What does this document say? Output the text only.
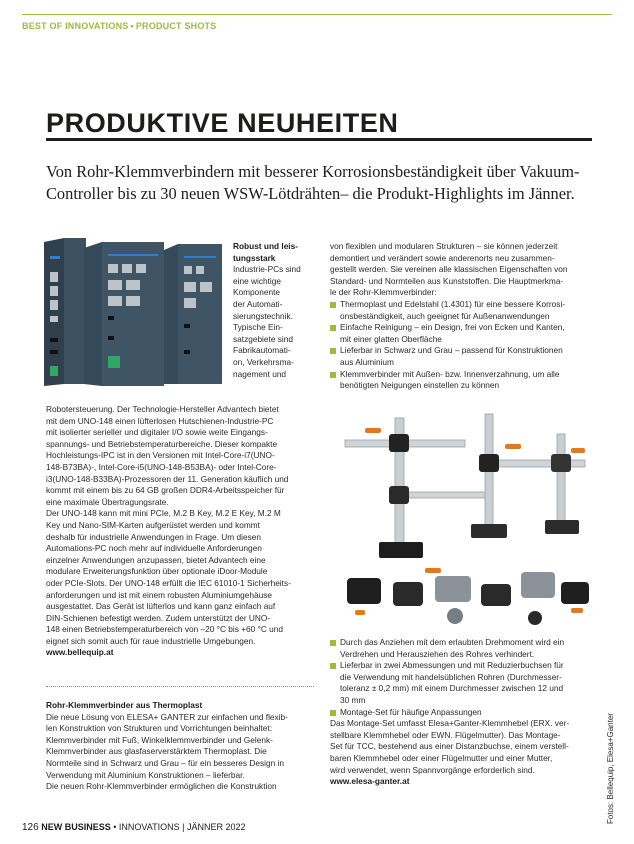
BEST OF INNOVATIONS • PRODUCT SHOTS
PRODUKTIVE NEUHEITEN
Von Rohr-Klemmverbindern mit besserer Korrosionsbeständigkeit über Vakuum-
Controller bis zu 30 neuen WSW-Lötdrähten– die Produkt-Highlights im Jänner.
Robust und leis-
tungsstark
Industrie-PCs sind
eine wichtige
Komponente
der Automati-
sierungstechnik.
Typische Ein-
satzgebiete sind
Fabrikautomati-
on, Verkehrsma-
nagement und
Robotersteuerung. Der Technologie-Hersteller Advantech bietet
mit dem UNO-148 einen lüfterlosen Hutschienen-Industrie-PC
mit isolierter serieller und digitaler I/O sowie weite Eingangs-
spannungs- und Betriebstemperaturbereiche. Dieser kompakte
Hochleistungs-IPC ist in den Versionen mit Intel-Core-i7(UNO-
148-B73BA)-, Intel-Core-i5(UNO-148-B53BA)- oder Intel-Core-
i3(UNO-148-B33BA)-Prozessoren der 11. Generation käuflich und
kommt mit einem bis zu 64 GB großen DDR4-Arbeitsspeicher für
eine maximale Übertragungsrate.
Der UNO-148 kann mit mini PCIe, M.2 B Key, M.2 E Key, M.2 M
Key und Nano-SIM-Karten aufgerüstet werden und kommt
deshalb für industrielle Anwendungen in Frage. Um diesen
Automations-PC noch mehr auf individuelle Anforderungen
einzelner Anwendungen anzupassen, bietet Advantech eine
modulare Erweiterungsfunktion über optionale iDoor-Module
oder PCIe-Slots. Der UNO-148 erfüllt die IEC 61010-1 Sicherheits-
anforderungen und ist mit einem robusten Aluminiumgehäuse
ausgestattet. Das Gerät ist lüfterlos und kann ganz einfach auf
DIN-Schienen befestigt werden. Zudem unterstützt der UNO-
148 einen Betriebstemperaturbereich von –20 °C bis +60 °C und
eignet sich somit auch für raue industrielle Umgebungen.
www.bellequip.at
Rohr-Klemmverbinder aus Thermoplast
Die neue Lösung von ELESA+ GANTER zur einfachen und flexib-
len Konstruktion von Strukturen und Vorrichtungen beinhaltet:
Klemmverbinder mit Fuß, Winkelklemmverbinder und Gelenk-
Klemmverbinder aus glasfaserverstärktem Thermoplast. Die
Normteile sind in Schwarz und Grau – für ein besseres Design in
Verwendung mit Aluminium Konstruktionen – lieferbar.
Die neuen Rohr-Klemmverbinder ermöglichen die Konstruktion
von flexiblen und modularen Strukturen – sie können jederzeit
demontiert und verändert sowie anderenorts neu zusammen-
gestellt werden. Sie vereinen alle klassischen Eigenschaften von
Standard- und Normteilen aus Kunststoffen. Die Hauptmerkma-
le der Rohr-Klemmverbinder:
Thermoplast und Edelstahl (1.4301) für eine bessere Korrosi-
onsbeständigkeit, auch geeignet für Außenanwendungen
Einfache Reinigung – ein Design, frei von Ecken und Kanten,
mit einer glatten Oberfläche
Lieferbar in Schwarz und Grau – passend für Konstruktionen
aus Aluminium
Klemmverbinder mit Außen- bzw. Innenverzahnung, um alle
benötigten Neigungen einstellen zu können
Durch das Anziehen mit dem erlaubten Drehmoment wird ein
Verdrehen und Herausziehen des Rohres verhindert.
Lieferbar in zwei Abmessungen und mit Reduzierbuchsen für
die Verwendung mit handelsüblichen Rohren (Durchmesser-
toleranz ± 0,2 mm) mit einem Durchmesser zwischen 12 und
30 mm
Montage-Set für häufige Anpassungen
Das Montage-Set umfasst Elesa+Ganter-Klemmhebel (ERX. ver-
stellbare Klemmhebel oder EWN. Flügelmutter). Das Montage-
Set für TCC, bestehend aus einer Distanzbuchse, einem verstell-
baren Klemmhebel oder einer Flügelmutter und einer Mutter,
wird verwendet, wenn Spannvorgänge erforderlich sind.
www.elesa-ganter.at	Fotos: Bellequip, Elesa+Ganter
126 NEW BUSINESS • INNOVATIONS | JÄNNER 2022
